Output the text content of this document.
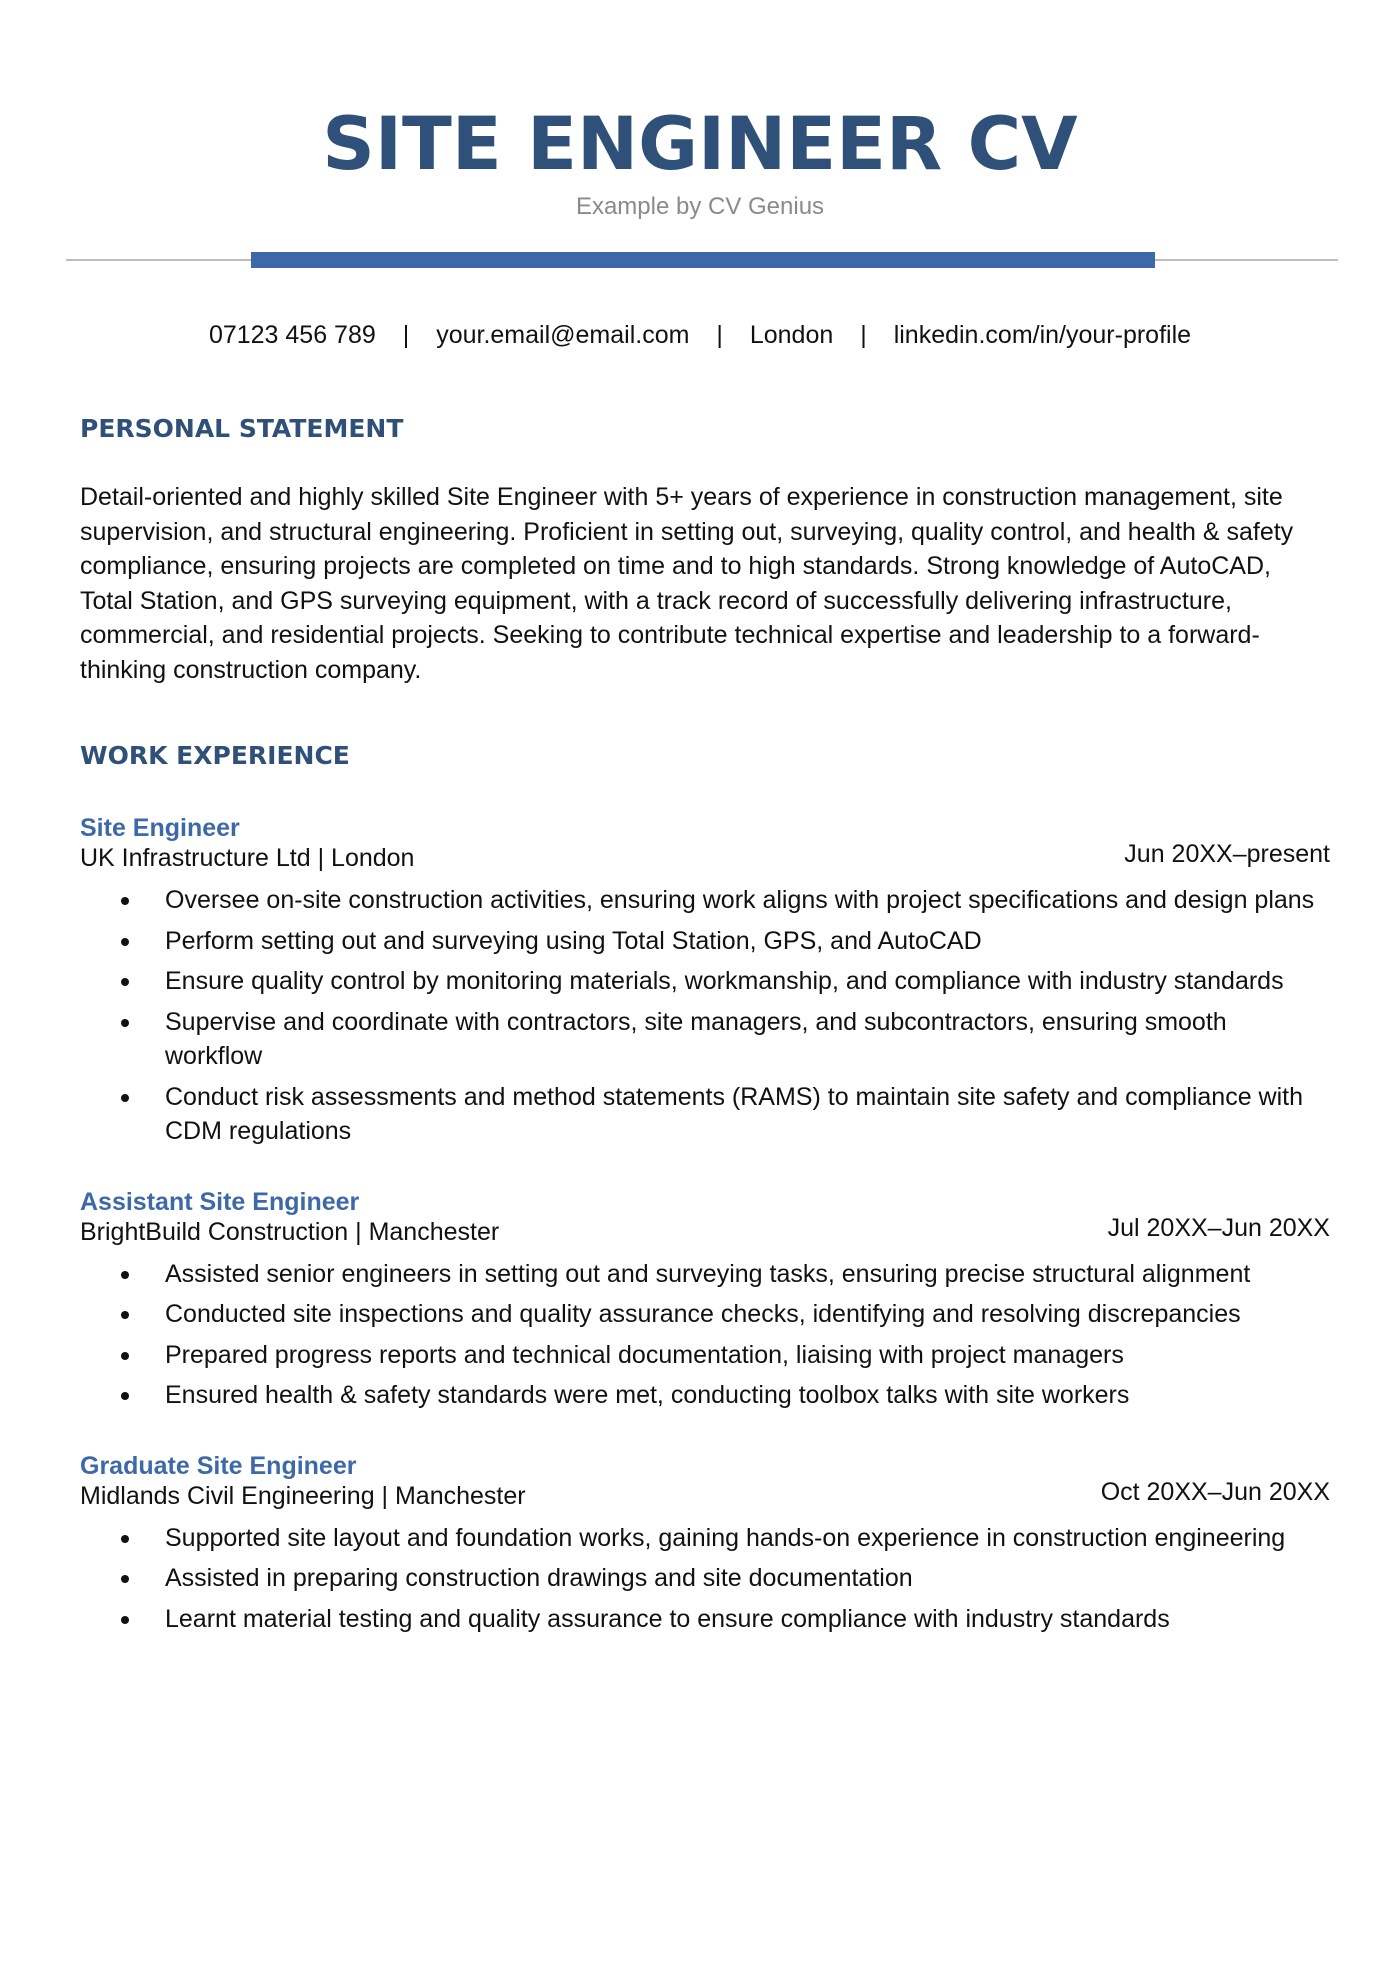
SITE ENGINEER CV
Example by CV Genius
07123 456 789 | your.email@email.com | London | linkedin.com/in/your-profile
PERSONAL STATEMENT

Detail-oriented and highly skilled Site Engineer with 5+ years of experience in construction management, site supervision, and structural engineering. Proficient in setting out, surveying, quality control, and health & safety compliance, ensuring projects are completed on time and to high standards. Strong knowledge of AutoCAD, Total Station, and GPS surveying equipment, with a track record of successfully delivering infrastructure, commercial, and residential projects. Seeking to contribute technical expertise and leadership to a forward-thinking construction company.

WORK EXPERIENCE
Site Engineer
UK Infrastructure Ltd | London	Jun 20XX–present
Oversee on-site construction activities, ensuring work aligns with project specifications and design plans
Perform setting out and surveying using Total Station, GPS, and AutoCAD
Ensure quality control by monitoring materials, workmanship, and compliance with industry standards
Supervise and coordinate with contractors, site managers, and subcontractors, ensuring smooth workflow
Conduct risk assessments and method statements (RAMS) to maintain site safety and compliance with CDM regulations
Assistant Site Engineer
BrightBuild Construction | Manchester	Jul 20XX–Jun 20XX
Assisted senior engineers in setting out and surveying tasks, ensuring precise structural alignment
Conducted site inspections and quality assurance checks, identifying and resolving discrepancies
Prepared progress reports and technical documentation, liaising with project managers
Ensured health & safety standards were met, conducting toolbox talks with site workers
Graduate Site Engineer
Midlands Civil Engineering | Manchester	Oct 20XX–Jun 20XX
Supported site layout and foundation works, gaining hands-on experience in construction engineering
Assisted in preparing construction drawings and site documentation
Learnt material testing and quality assurance to ensure compliance with industry standards
